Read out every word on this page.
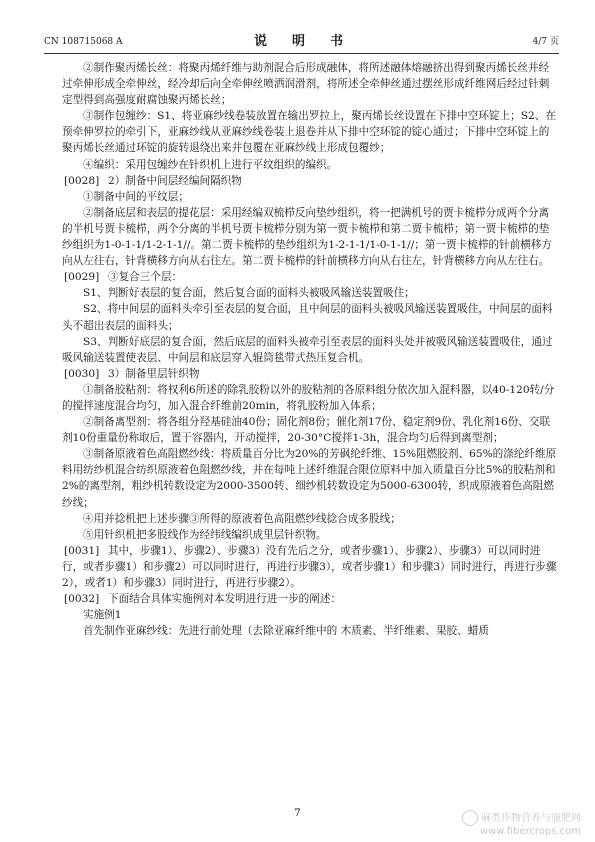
CN 108715068 A	说　明　书	4/7 页

②制作聚丙烯长丝：将聚丙烯纤维与助剂混合后形成融体，将所述融体熔融挤出得到聚丙烯长丝并经过牵伸形成全牵伸丝，经冷却后向全牵伸丝喷洒润滑剂，将所述全牵伸丝通过摆丝形成纤维网后经过针刺定型得到高强度耐腐蚀聚丙烯长丝；

③制作包缠纱：S1、将亚麻纱线卷装放置在输出罗拉上，聚丙烯长丝设置在下排中空环锭上；S2、在预牵伸罗拉的牵引下，亚麻纱线从亚麻纱线卷装上退卷并从下排中空环锭的锭心通过；下排中空环锭上的聚丙烯长丝通过环锭的旋转退绕出来并包覆在亚麻纱线上形成包覆纱；

④编织：采用包缠纱在针织机上进行平纹组织的编织。

[0028] 2）制备中间层经编间隔织物

①制备中间的平纹层；

②制备底层和表层的提花层：采用经编双梳栉反向垫纱组织，将一把满机号的贾卡梳栉分成两个分离的半机号贾卡梳栉，两个分离的半机号贾卡梳栉分别为第一贾卡梳栉和第二贾卡梳栉；第一贾卡梳栉的垫纱组织为1-0-1-1/1-2-1-1//。第二贾卡梳栉的垫纱组织为1-2-1-1/1-0-1-1//；第一贾卡梳栉的针前横移方向从左往右，针背横移方向从右往左。第二贾卡梳栉的针前横移方向从右往左，针背横移方向从左往右。

[0029] ③复合三个层：

S1、判断好表层的复合面，然后复合面的面料头被吸风输送装置吸住；

S2、将中间层的面料头牵引至表层的复合面，且中间层的面料头被吸风输送装置吸住，中间层的面料头不超出表层的面料头；

S3、判断好底层的复合面，然后底层的面料头被牵引至表层的面料头处并被吸风输送装置吸住，通过吸风输送装置使表层、中间层和底层穿入辊筒毯带式热压复合机。

[0030] 3）制备里层针织物

①制备胶粘剂：将权利6所述的除乳胶粉以外的胶粘剂的各原料组分依次加入混料器，以40-120转/分的搅拌速度混合均匀，加入混合纤维前20min，将乳胶粉加入体系；

②制备离型剂：将各组分羟基硅油40份；固化剂8份；催化剂17份、稳定剂9份、乳化剂16份、交联剂10份重量份称取后，置于容器内，开动搅拌，20-30°C搅拌1-3h，混合均匀后得到离型剂；

③制备原液着色高阻燃纱线：将质量百分比为20%的芳砜纶纤维、15%阻燃胶剂、65%的涤纶纤维原料用纺纱机混合纺织原液着色阻燃纱线，并在每吨上述纤维混合限位原料中加入质量百分比5%的胶粘剂和2%的离型剂，粗纱机转数设定为2000-3500转、细纱机转数设定为5000-6300转，织成原液着色高阻燃纱线；

④用并捻机把上述步骤③所得的原液着色高阻燃纱线捻合成多股线；

⑤用针织机把多股线作为经纬线编织成里层针织物。

[0031] 其中，步骤1）、步骤2）、步骤3）没有先后之分，或者步骤1）、步骤2）、步骤3）可以同时进行，或者步骤1）和步骤2）可以同时进行，再进行步骤3），或者步骤1）和步骤3）同时进行，再进行步骤2），或者1）和步骤3）同时进行，再进行步骤2）。

[0032] 下面结合具体实施例对本发明进行进一步的阐述：

实施例1

首先制作亚麻纱线：先进行前处理（去除亚麻纤维中的 木质素、半纤维素、果胶、蜡质

7	麻类作物营养与施肥网
www.fibercrops.com
